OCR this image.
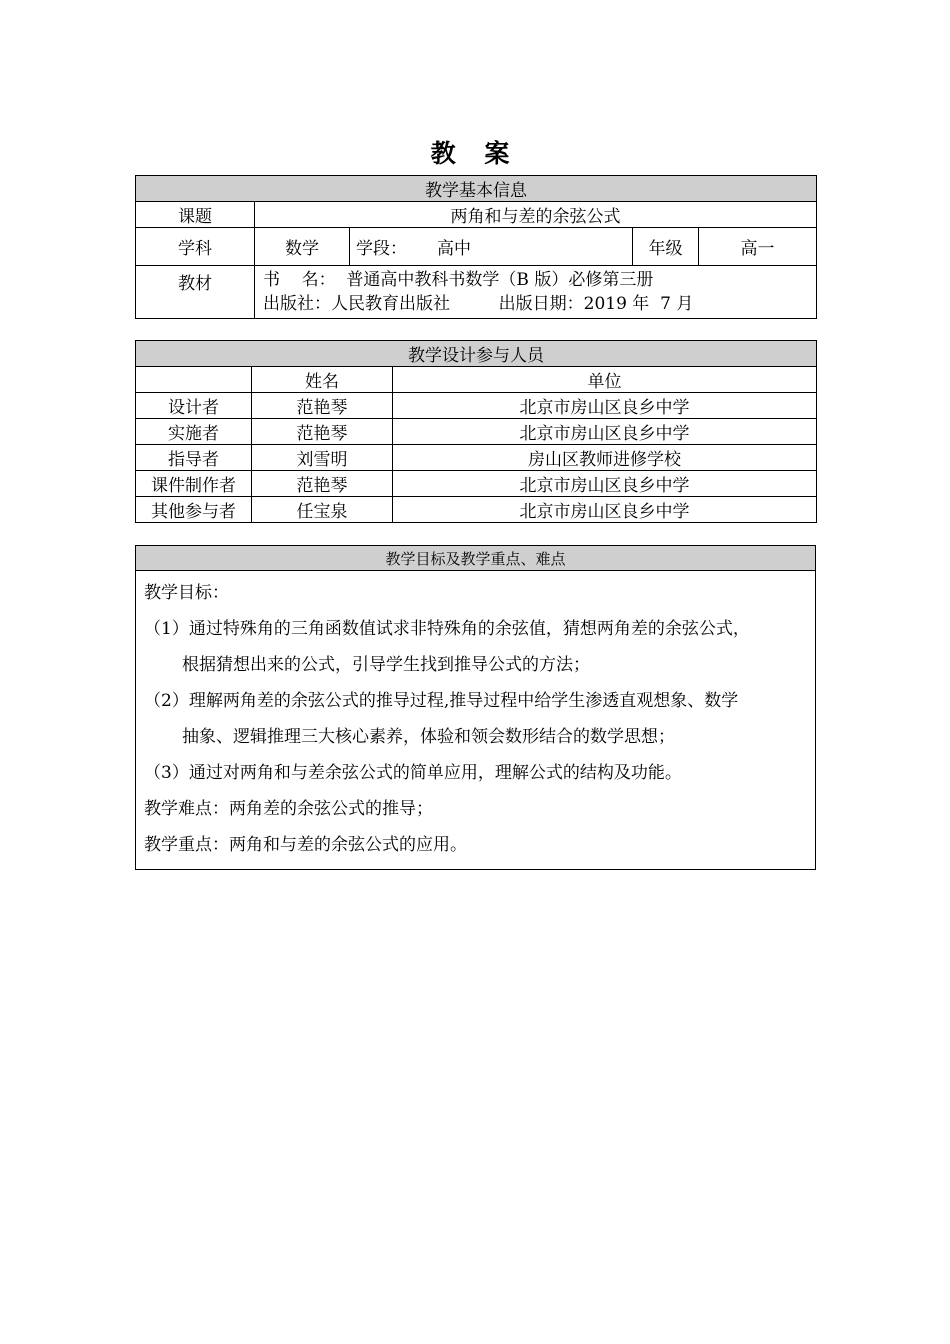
教 案
教学基本信息				
课题	两角和与差的余弦公式			
学科	数学	学段： 高中	年级	高一
教材	书    名：  普通高中教科书数学（B 版）必修第三册
出版社：人民教育出版社         出版日期：2019 年  7 月			
教学设计参与人员		
	姓名	单位
设计者	范艳琴	北京市房山区良乡中学
实施者	范艳琴	北京市房山区良乡中学
指导者	刘雪明	房山区教师进修学校
课件制作者	范艳琴	北京市房山区良乡中学
其他参与者	任宝泉	北京市房山区良乡中学
教学目标及教学重点、难点

教学目标：

（1）通过特殊角的三角函数值试求非特殊角的余弦值，猜想两角差的余弦公式，

根据猜想出来的公式，引导学生找到推导公式的方法；

（2）理解两角差的余弦公式的推导过程,推导过程中给学生渗透直观想象、数学

抽象、逻辑推理三大核心素养，体验和领会数形结合的数学思想；

（3）通过对两角和与差余弦公式的简单应用，理解公式的结构及功能。

教学难点：两角差的余弦公式的推导；

教学重点：两角和与差的余弦公式的应用。
